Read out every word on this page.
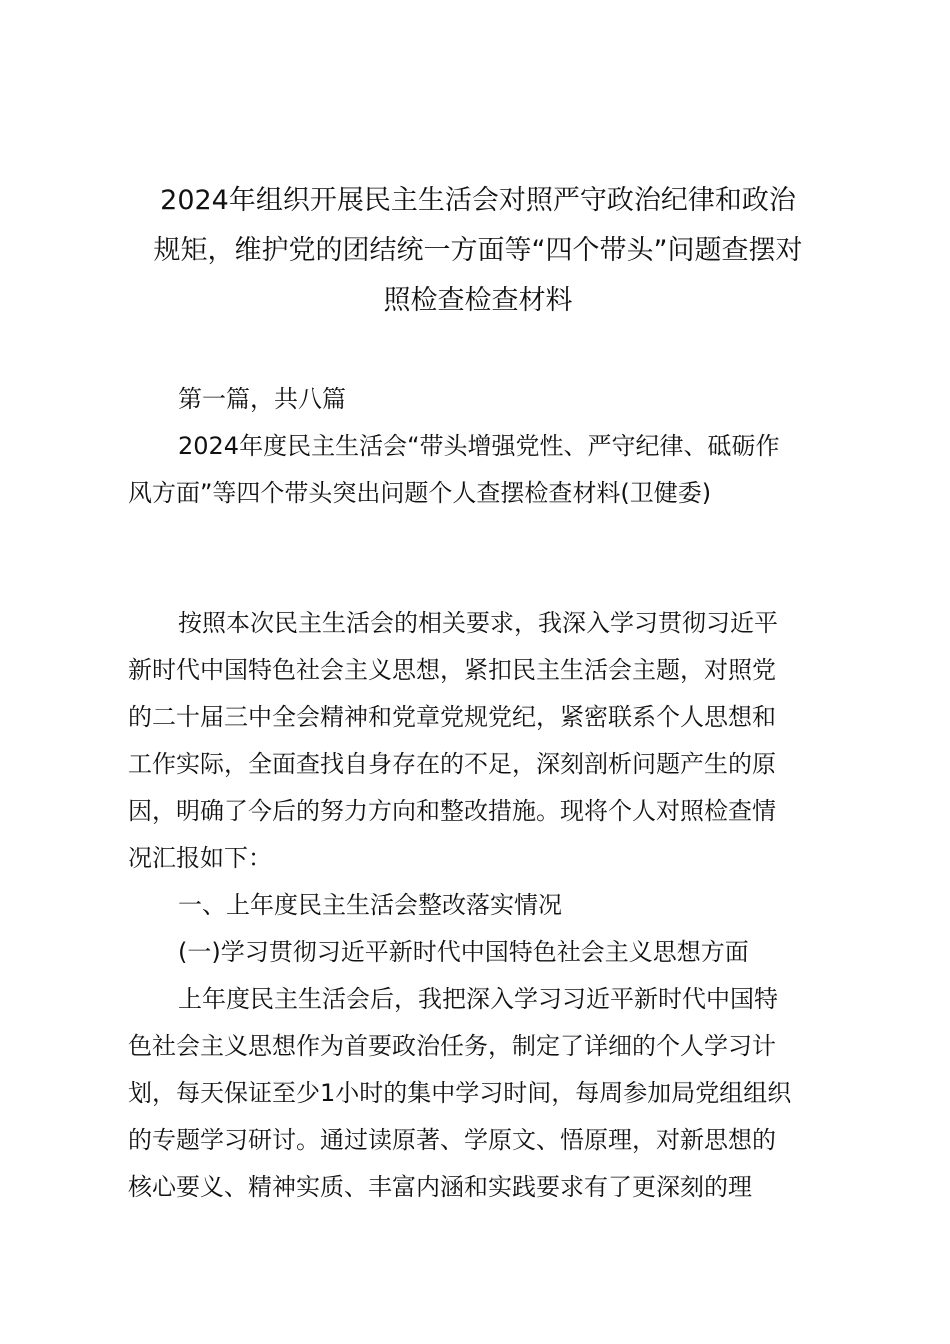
2024年组织开展民主生活会对照严守政治纪律和政治
规矩，维护党的团结统一方面等“四个带头”问题查摆对
照检查检查材料
第一篇，共八篇
2024年度民主生活会“带头增强党性、严守纪律、砥砺作
风方面”等四个带头突出问题个人查摆检查材料(卫健委)
按照本次民主生活会的相关要求，我深入学习贯彻习近平
新时代中国特色社会主义思想，紧扣民主生活会主题，对照党
的二十届三中全会精神和党章党规党纪，紧密联系个人思想和
工作实际，全面查找自身存在的不足，深刻剖析问题产生的原
因，明确了今后的努力方向和整改措施。现将个人对照检查情
况汇报如下：
一、上年度民主生活会整改落实情况
(一)学习贯彻习近平新时代中国特色社会主义思想方面
上年度民主生活会后，我把深入学习习近平新时代中国特
色社会主义思想作为首要政治任务，制定了详细的个人学习计
划，每天保证至少1小时的集中学习时间，每周参加局党组组织
的专题学习研讨。通过读原著、学原文、悟原理，对新思想的
核心要义、精神实质、丰富内涵和实践要求有了更深刻的理
